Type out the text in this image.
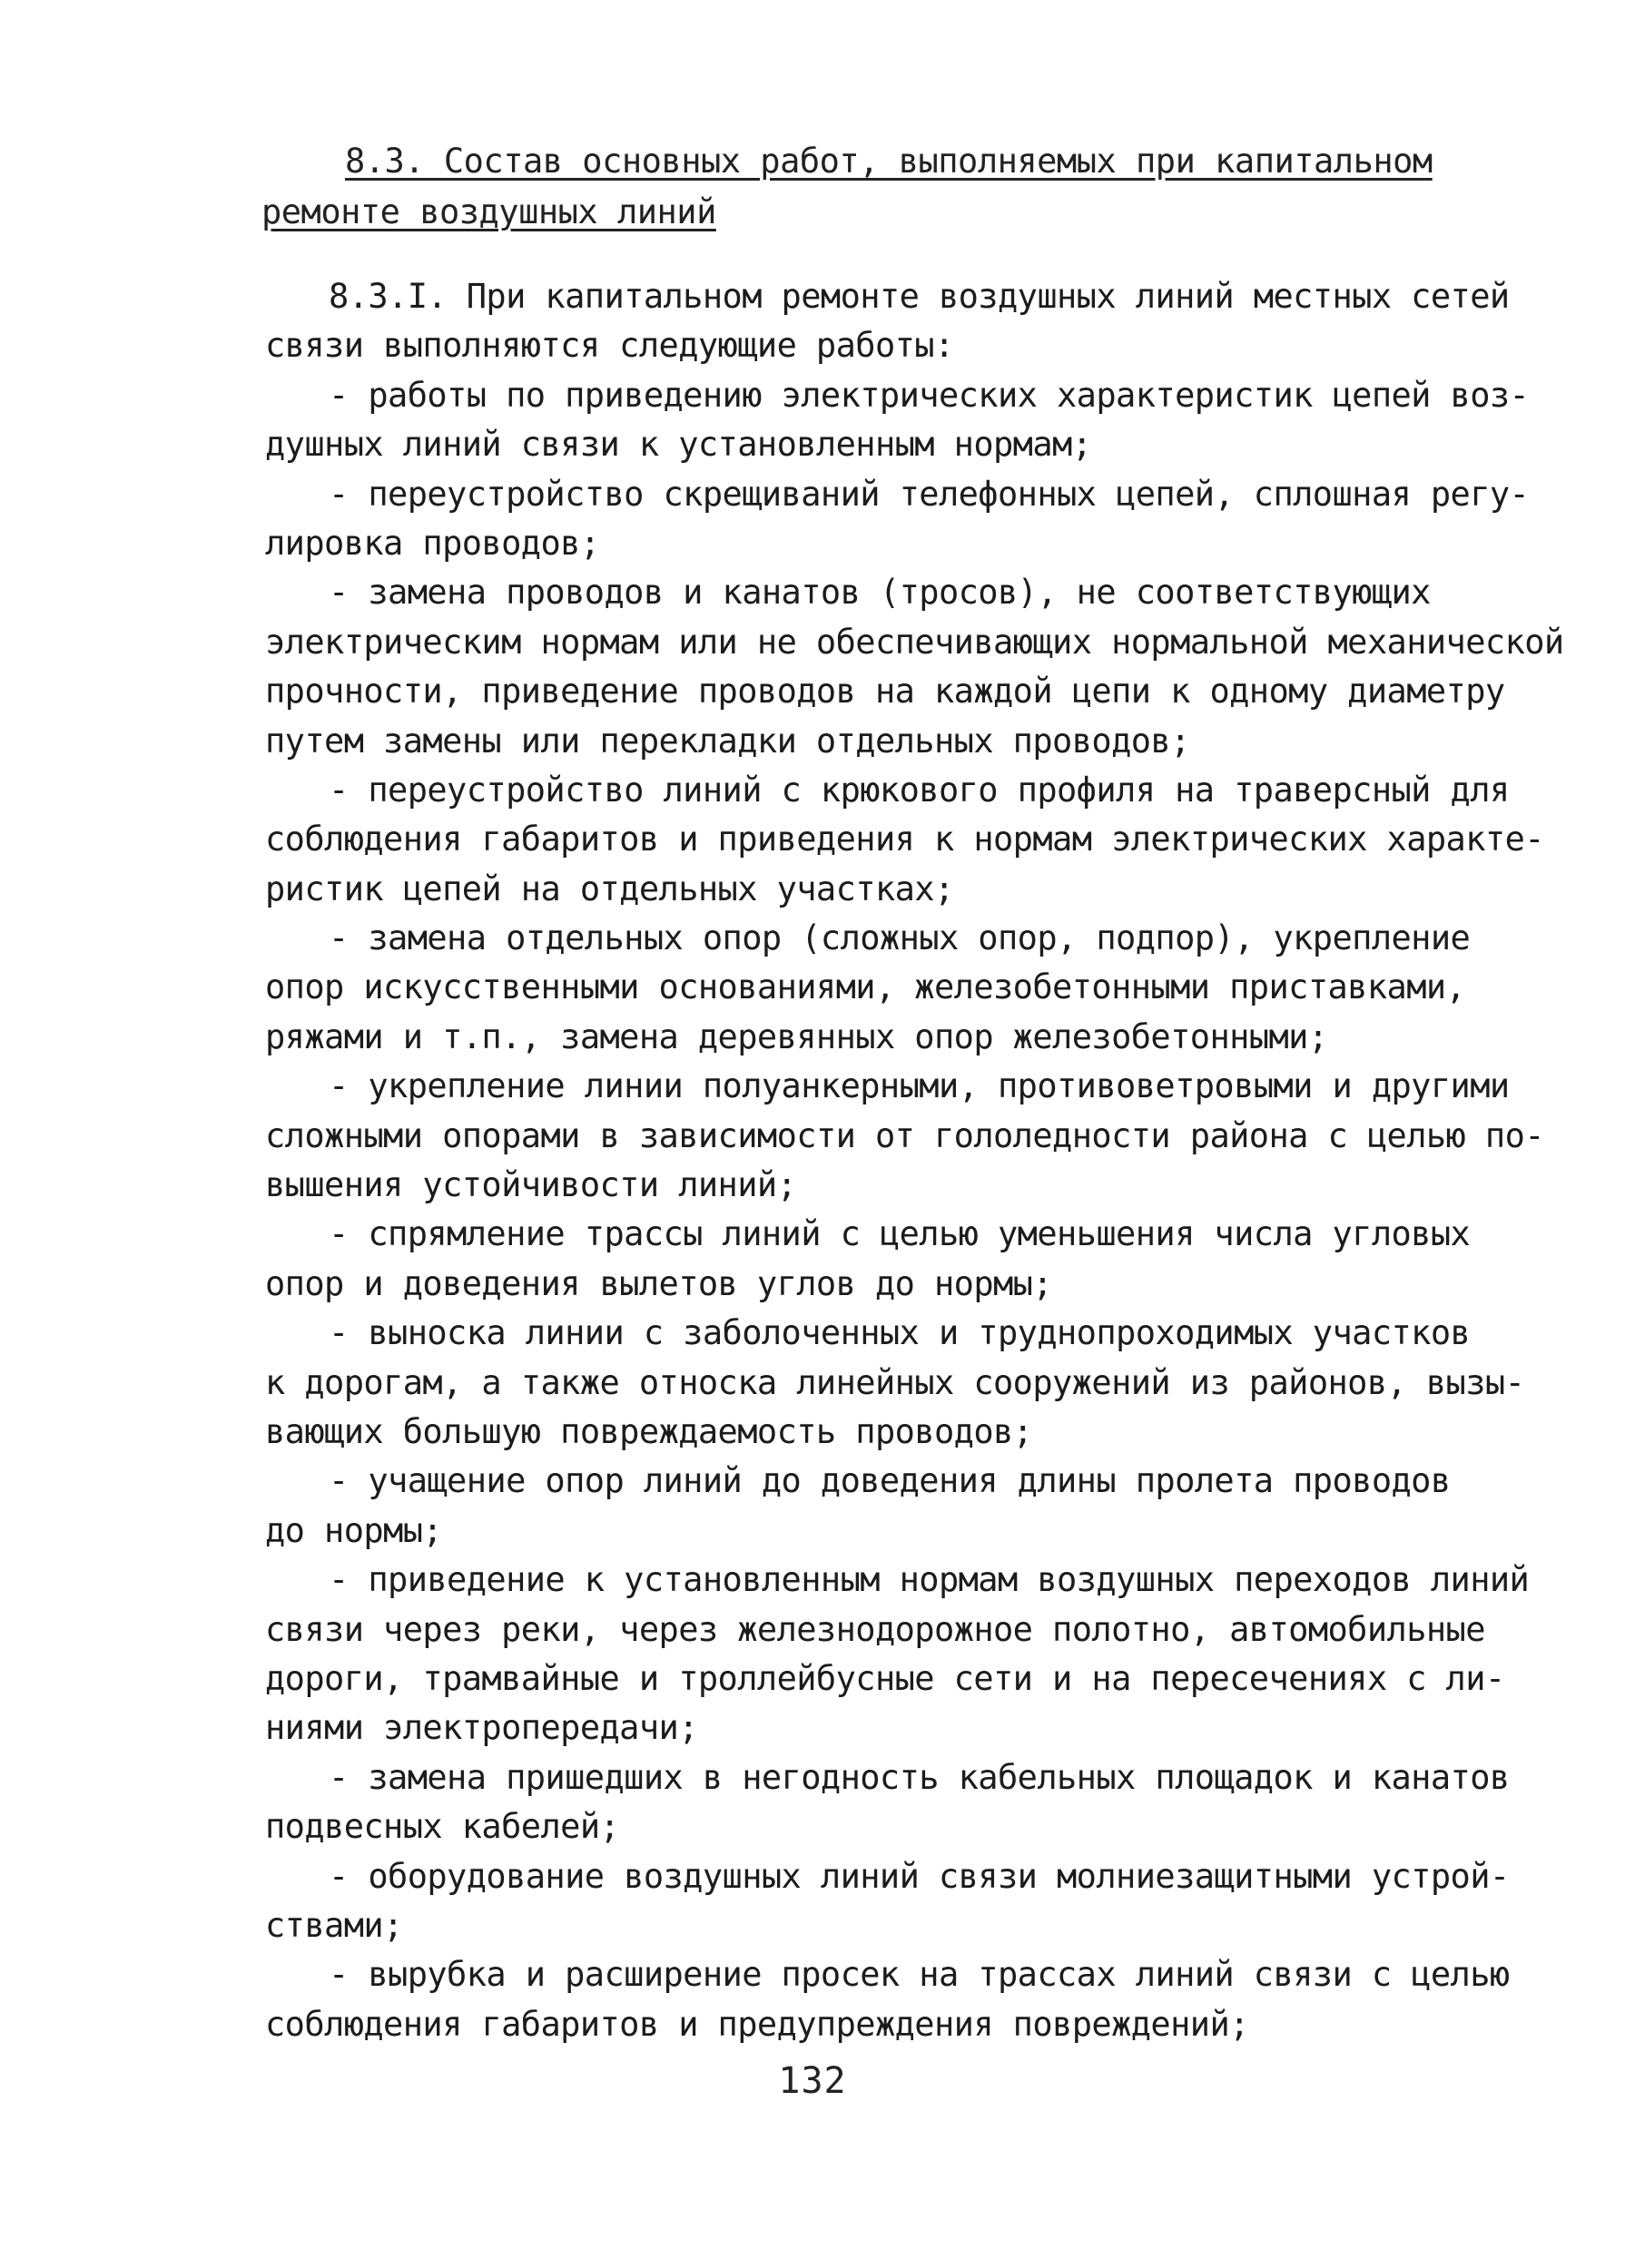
8.3. Состав основных работ, выполняемых при капитальном
ремонте воздушных линий
8.3.I. При капитальном ремонте воздушных линий местных сетей
связи выполняются следующие работы:
- работы по приведению электрических характеристик цепей воз-
душных линий связи к установленным нормам;
- переустройство скрещиваний телефонных цепей, сплошная регу-
лировка проводов;
- замена проводов и канатов (тросов), не соответствующих
электрическим нормам или не обеспечивающих нормальной механической
прочности, приведение проводов на каждой цепи к одному диаметру
путем замены или перекладки отдельных проводов;
- переустройство линий с крюкового профиля на траверсный для
соблюдения габаритов и приведения к нормам электрических характе-
ристик цепей на отдельных участках;
- замена отдельных опор (сложных опор, подпор), укрепление
опор искусственными основаниями, железобетонными приставками,
ряжами и т.п., замена деревянных опор железобетонными;
- укрепление линии полуанкерными, противоветровыми и другими
сложными опорами в зависимости от гололедности района с целью по-
вышения устойчивости линий;
- спрямление трассы линий с целью уменьшения числа угловых
опор и доведения вылетов углов до нормы;
- выноска линии с заболоченных и труднопроходимых участков
к дорогам, а также относка линейных сооружений из районов, вызы-
вающих большую повреждаемость проводов;
- учащение опор линий до доведения длины пролета проводов
до нормы;
- приведение к установленным нормам воздушных переходов линий
связи через реки, через железнодорожное полотно, автомобильные
дороги, трамвайные и троллейбусные сети и на пересечениях с ли-
ниями электропередачи;
- замена пришедших в негодность кабельных площадок и канатов
подвесных кабелей;
- оборудование воздушных линий связи молниезащитными устрой-
ствами;
- вырубка и расширение просек на трассах линий связи с целью
соблюдения габаритов и предупреждения повреждений;
132
